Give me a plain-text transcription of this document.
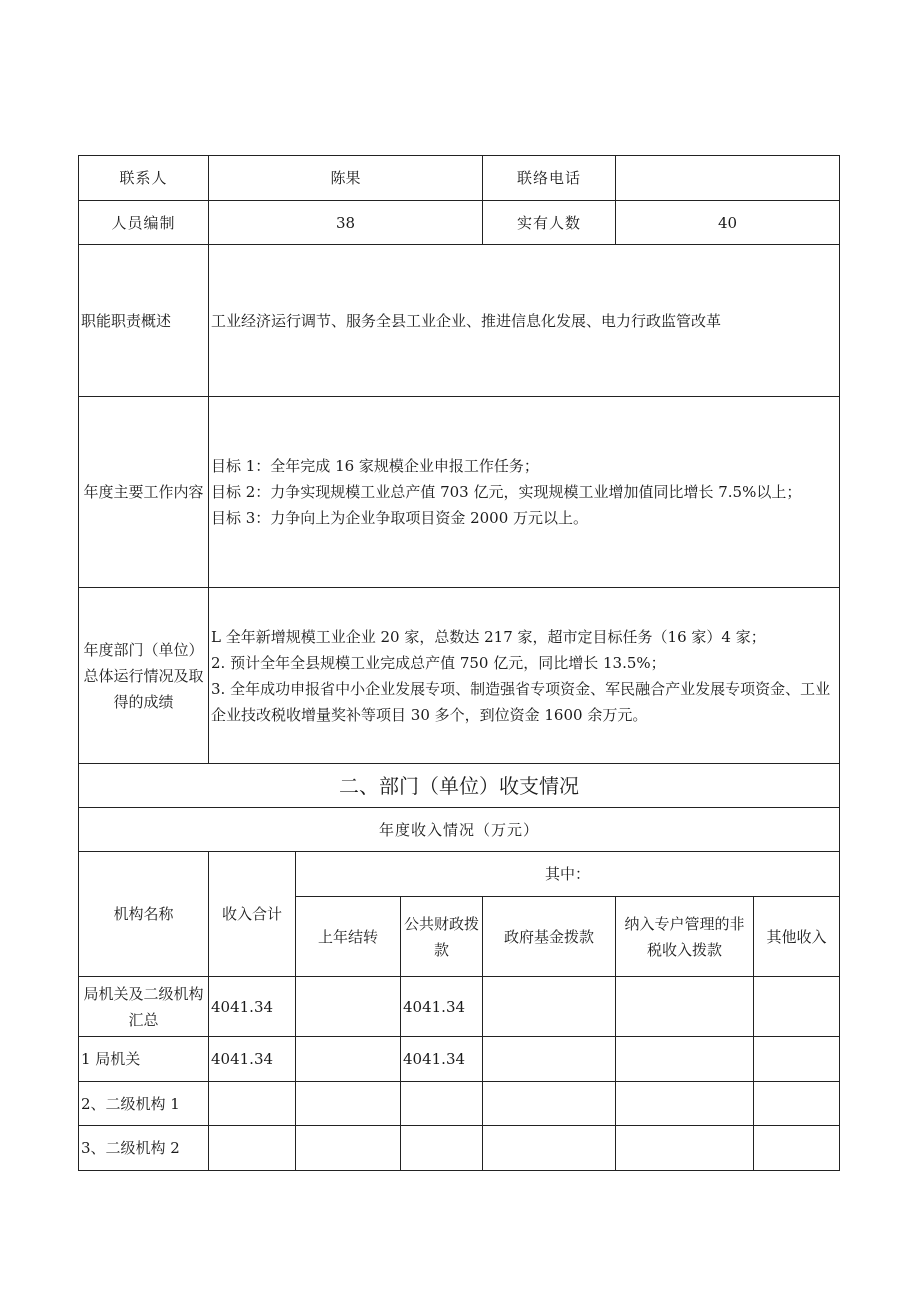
联系人	陈果			联络电话		
人员编制	38			实有人数	40	
职能职责概述	工业经济运行调节、服务全县工业企业、推进信息化发展、电力行政监管改革					
年度主要工作内容	目标 1：全年完成 16 家规模企业申报工作任务；
目标 2：力争实现规模工业总产值 703 亿元，实现规模工业增加值同比增长 7.5%以上；
目标 3：力争向上为企业争取项目资金 2000 万元以上。					

年度部门（单位）总体运行情况及取得的成绩	L 全年新增规模工业企业 20 家，总数达 217 家，超市定目标任务（16 家）4 家；
2. 预计全年全县规模工业完成总产值 750 亿元，同比增长 13.5%；
3. 全年成功申报省中小企业发展专项、制造强省专项资金、军民融合产业发展专项资金、工业企业技改税收增量奖补等项目 30 多个，到位资金 1600 余万元。					

二、部门（单位）收支情况						
年度收入情况（万元）						
机构名称	收入合计	其中：				
		上年结转	公共财政拨款	政府基金拨款	纳入专户管理的非税收入拨款	其他收入
局机关及二级机构汇总	4041.34		4041.34			
1 局机关	4041.34		4041.34			
2、二级机构 1						
3、二级机构 2						
